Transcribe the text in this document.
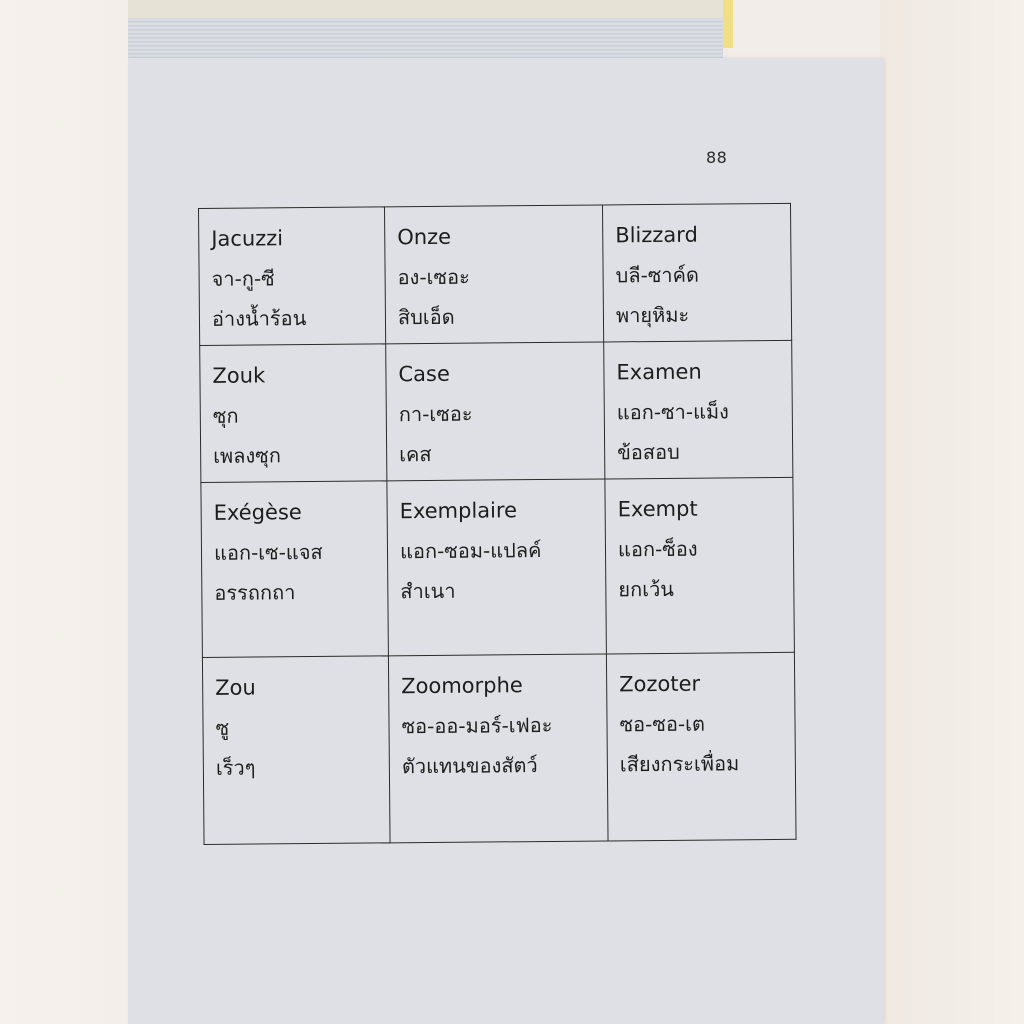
88
Jacuzzi
จา-กู-ซี
อ่างน้ำร้อน	Onze
อง-เซอะ
สิบเอ็ด	Blizzard
บลี-ซาค์ด
พายุหิมะ

Zouk
ซุก
เพลงซุก	Case
กา-เซอะ
เคส	Examen
แอก-ซา-แม็ง
ข้อสอบ

Exégèse
แอก-เซ-แจส
อรรถกถา	Exemplaire
แอก-ซอม-แปลค์
สำเนา	Exempt
แอก-ซ็อง
ยกเว้น

Zou
ซู
เร็วๆ	Zoomorphe
ซอ-ออ-มอร์-เฟอะ
ตัวแทนของสัตว์	Zozoter
ซอ-ซอ-เต
เสียงกระเพื่อม
